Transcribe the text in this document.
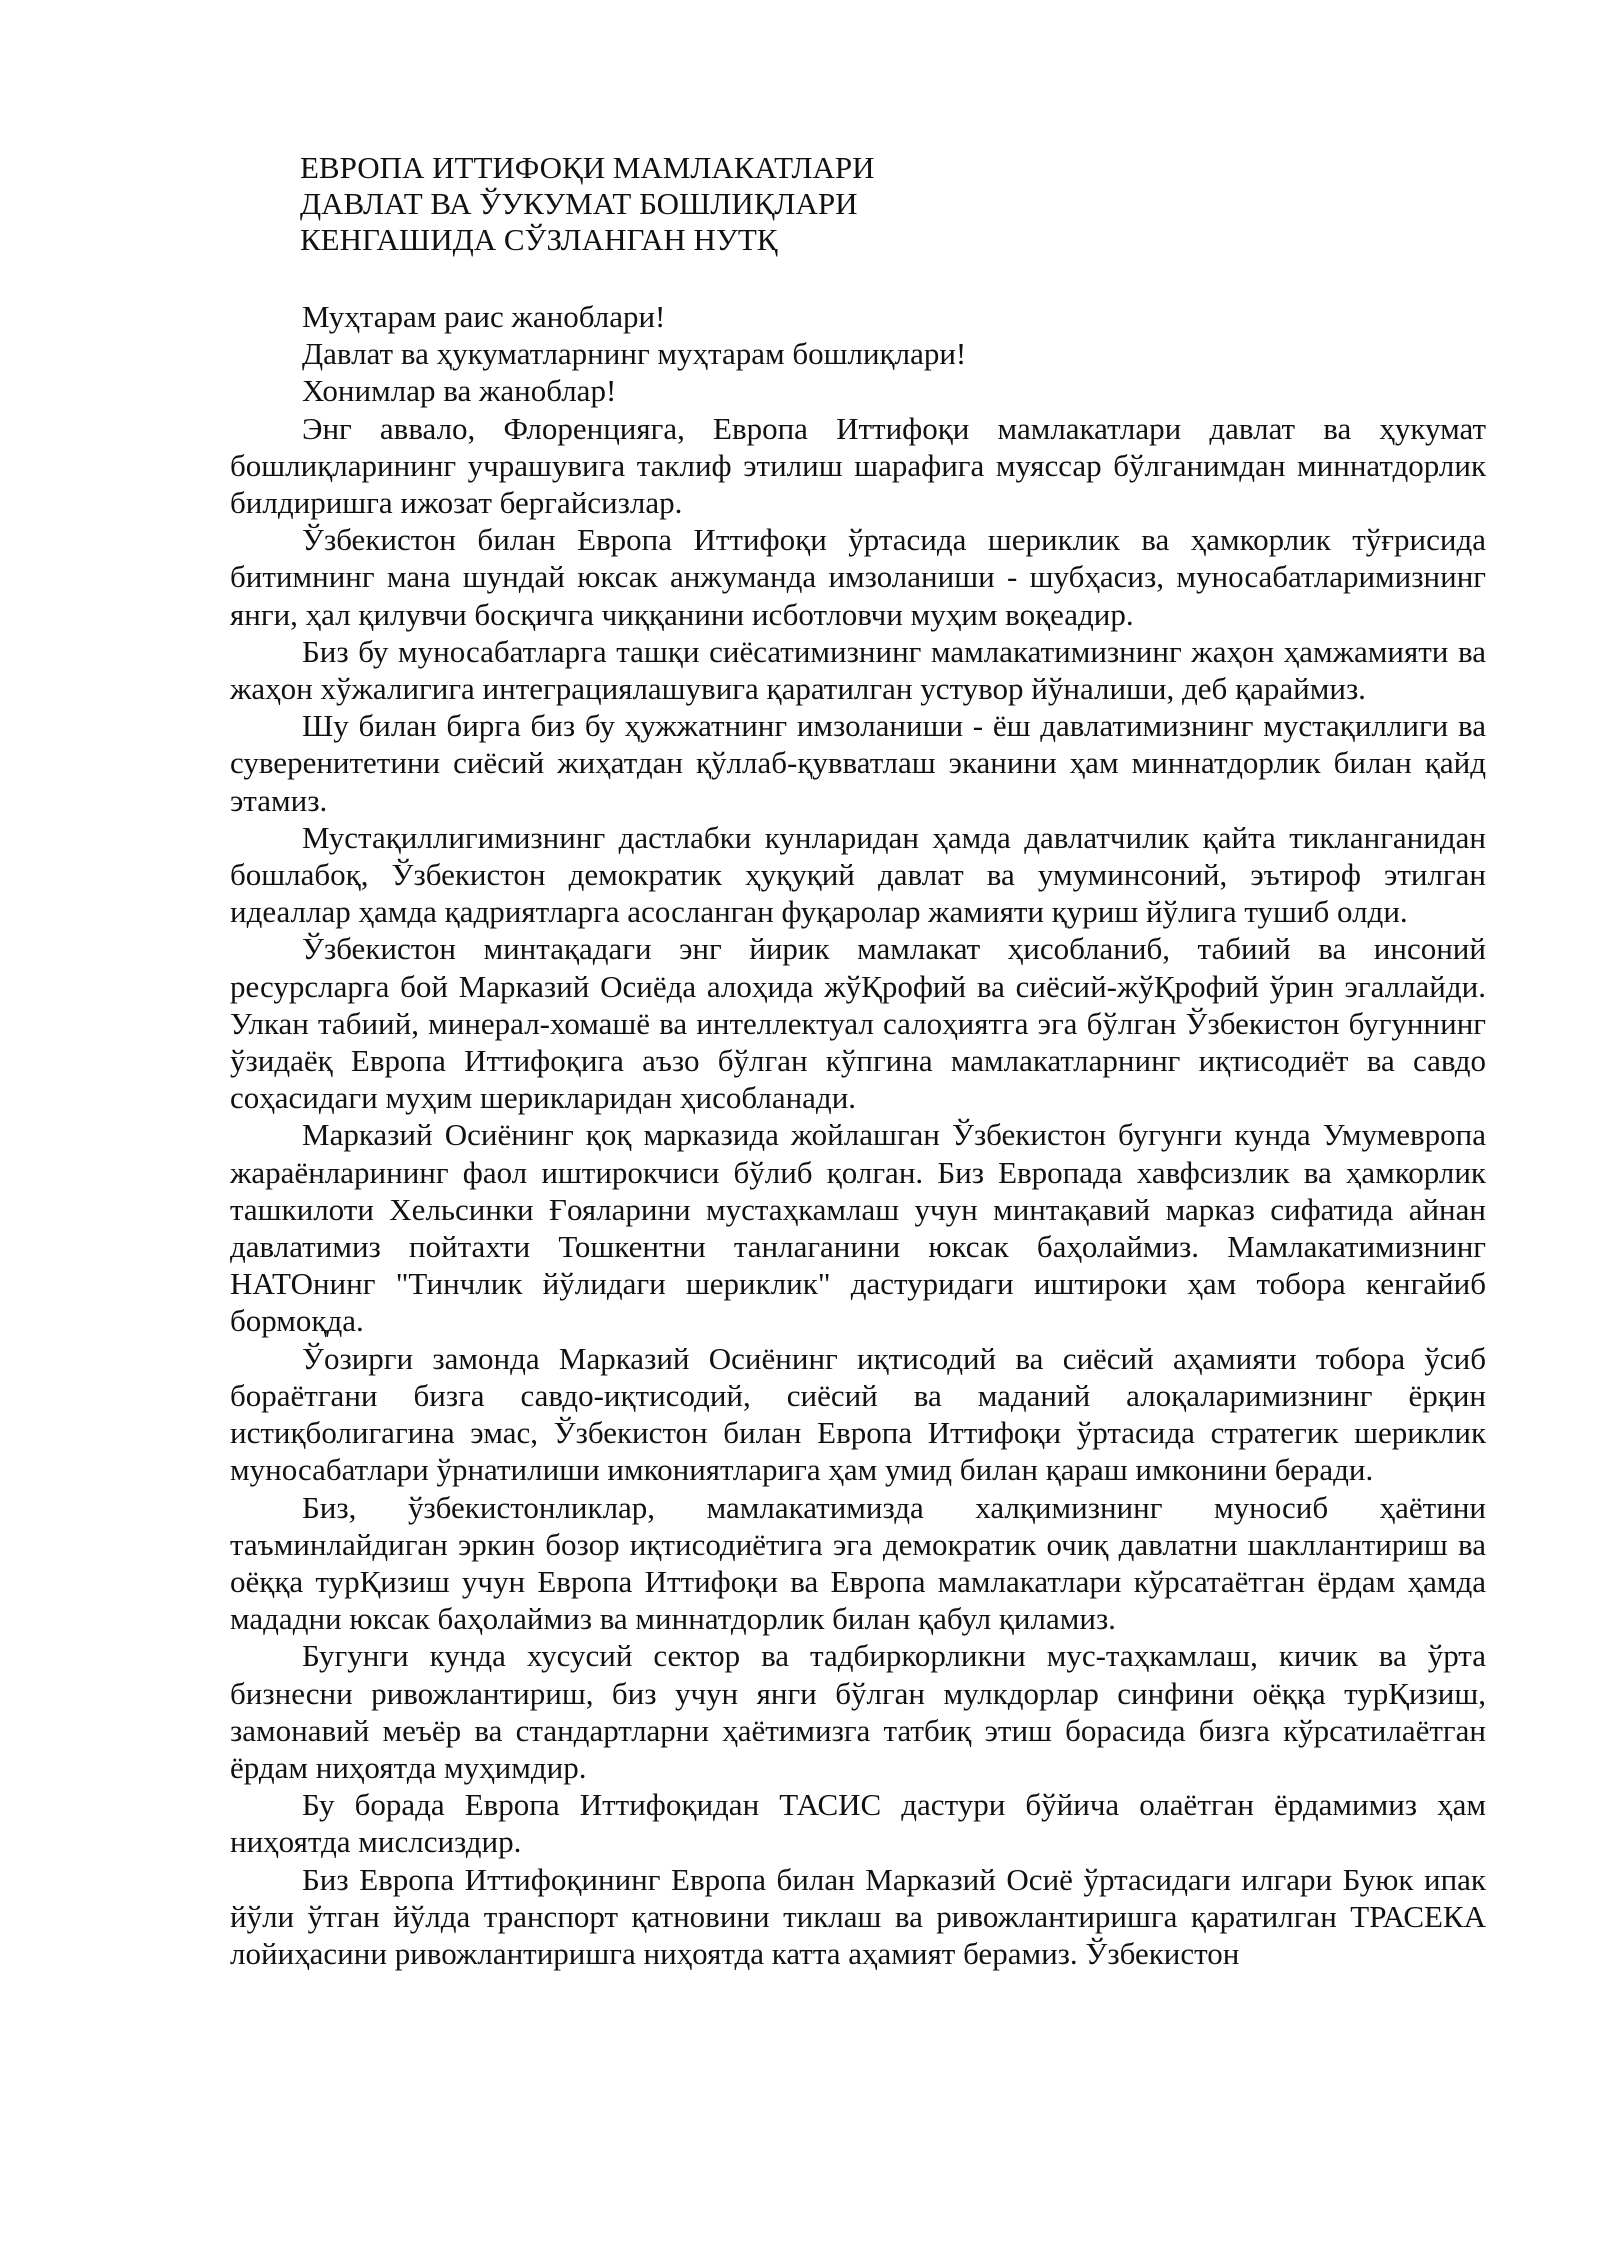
ЕВРОПА ИТТИФОҚИ МАМЛАКАТЛАРИ
ДАВЛАТ ВА ЎУКУМАТ БОШЛИҚЛАРИ
КЕНГАШИДА СЎЗЛАНГАН НУТҚ
Муҳтарам раис жаноблари!
Давлат ва ҳукуматларнинг муҳтарам бошлиқлари!
Хонимлар ва жаноблар!

Энг аввало, Флоренцияга, Европа Иттифоқи мамлакатлари давлат ва ҳукумат бошлиқларининг учрашувига таклиф этилиш шарафига муяссар бўлганимдан миннатдорлик билдиришга ижозат бергайсизлар.

Ўзбекистон билан Европа Иттифоқи ўртасида шериклик ва ҳамкорлик тўғрисида битимнинг мана шундай юксак анжуманда имзоланиши - шубҳасиз, муносабатларимизнинг янги, ҳал қилувчи босқичга чиққанини исботловчи муҳим воқеадир.

Биз бу муносабатларга ташқи сиёсатимизнинг мамлакатимизнинг жаҳон ҳамжамияти ва жаҳон хўжалигига интеграциялашувига қаратилган устувор йўналиши, деб қараймиз.

Шу билан бирга биз бу ҳужжатнинг имзоланиши - ёш давлатимизнинг мустақиллиги ва суверенитетини сиёсий жиҳатдан қўллаб-қувватлаш эканини ҳам миннатдорлик билан қайд этамиз.

Мустақиллигимизнинг дастлабки кунларидан ҳамда давлатчилик қайта тикланганидан бошлабоқ, Ўзбекистон демократик ҳуқуқий давлат ва умуминсоний, эътироф этилган идеаллар ҳамда қадриятларга асосланган фуқаролар жамияти қуриш йўлига тушиб олди.

Ўзбекистон минтақадаги энг йирик мамлакат ҳисобланиб, табиий ва инсоний ресурсларга бой Марказий Осиёда алоҳида жўҚрофий ва сиёсий-жўҚрофий ўрин эгаллайди. Улкан табиий, минерал-хомашё ва интеллектуал салоҳиятга эга бўлган Ўзбекистон бугуннинг ўзидаёқ Европа Иттифоқига аъзо бўлган кўпгина мамлакатларнинг иқтисодиёт ва савдо соҳасидаги муҳим шерикларидан ҳисобланади.

Марказий Осиёнинг қоқ марказида жойлашган Ўзбекистон бугунги кунда Умумевропа жараёнларининг фаол иштирокчиси бўлиб қолган. Биз Европада хавфсизлик ва ҳамкорлик ташкилоти Хельсинки Ғояларини мустаҳкамлаш учун минтақавий марказ сифатида айнан давлатимиз пойтахти Тошкентни танлаганини юксак баҳолаймиз. Мамлакатимизнинг НАТОнинг "Тинчлик йўлидаги шериклик" дастуридаги иштироки ҳам тобора кенгайиб бормоқда.

Ўозирги замонда Марказий Осиёнинг иқтисодий ва сиёсий аҳамияти тобора ўсиб бораётгани бизга савдо-иқтисодий, сиёсий ва маданий алоқаларимизнинг ёрқин истиқболигагина эмас, Ўзбекистон билан Европа Иттифоқи ўртасида стратегик шериклик муносабатлари ўрнатилиши имкониятларига ҳам умид билан қараш имконини беради.

Биз, ўзбекистонликлар, мамлакатимизда халқимизнинг муносиб ҳаётини таъминлайдиган эркин бозор иқтисодиётига эга демократик очиқ давлатни шакллантириш ва оёққа турҚизиш учун Европа Иттифоқи ва Европа мамлакатлари кўрсатаётган ёрдам ҳамда мададни юксак баҳолаймиз ва миннатдорлик билан қабул қиламиз.

Бугунги кунда хусусий сектор ва тадбиркорликни мус-таҳкамлаш, кичик ва ўрта бизнесни ривожлантириш, биз учун янги бўлган мулкдорлар синфини оёққа турҚизиш, замонавий меъёр ва стандартларни ҳаётимизга татбиқ этиш борасида бизга кўрсатилаётган ёрдам ниҳоятда муҳимдир.

Бу борада Европа Иттифоқидан ТАСИС дастури бўйича олаётган ёрдамимиз ҳам ниҳоятда мислсиздир.

Биз Европа Иттифоқининг Европа билан Марказий Осиё ўртасидаги илгари Буюк ипак йўли ўтган йўлда транспорт қатновини тиклаш ва ривожлантиришга қаратилган ТРАСЕКА лойиҳасини ривожлантиришга ниҳоятда катта аҳамият берамиз. Ўзбекистон
